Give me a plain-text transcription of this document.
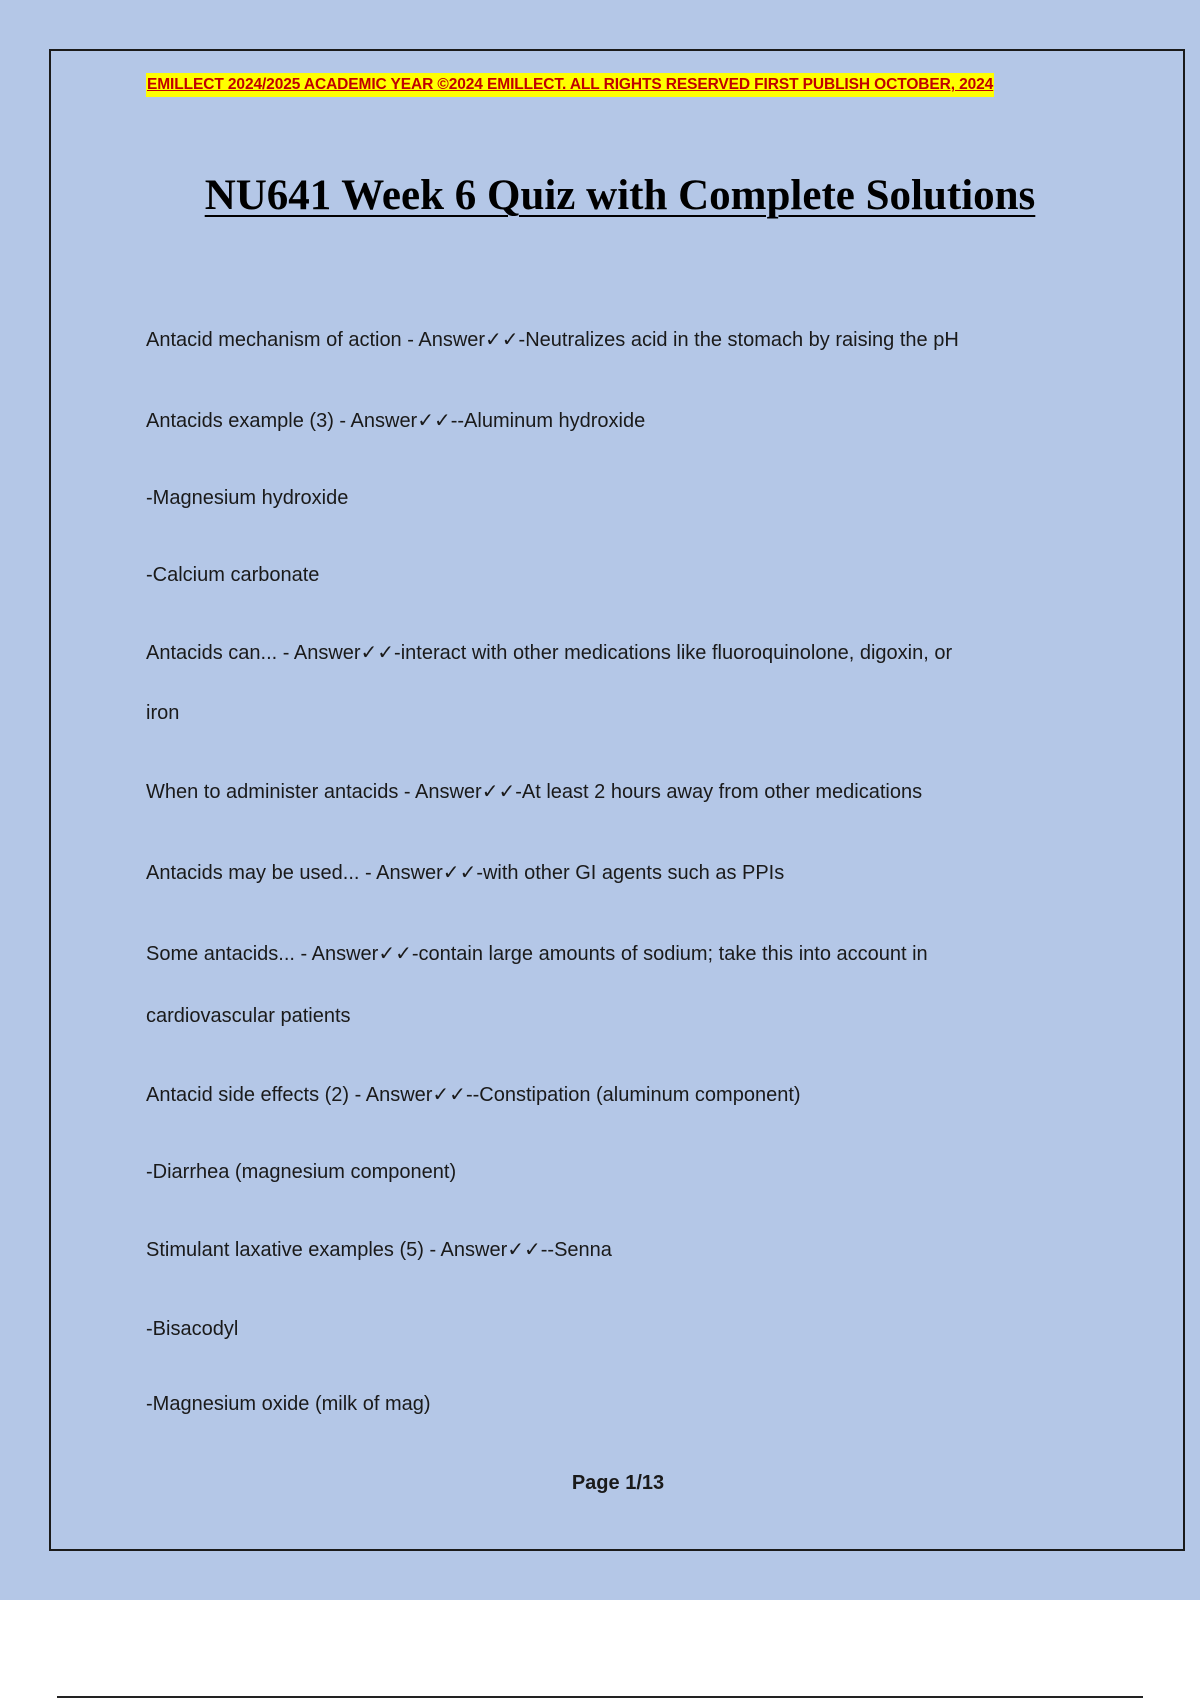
EMILLECT 2024/2025 ACADEMIC YEAR ©2024 EMILLECT. ALL RIGHTS RESERVED FIRST PUBLISH OCTOBER, 2024
NU641 Week 6 Quiz with Complete Solutions
Antacid mechanism of action - Answer✓✓-Neutralizes acid in the stomach by raising the pH
Antacids example (3) - Answer✓✓--Aluminum hydroxide
-Magnesium hydroxide
-Calcium carbonate
Antacids can... - Answer✓✓-interact with other medications like fluoroquinolone, digoxin, or
iron
When to administer antacids - Answer✓✓-At least 2 hours away from other medications
Antacids may be used... - Answer✓✓-with other GI agents such as PPIs
Some antacids... - Answer✓✓-contain large amounts of sodium; take this into account in
cardiovascular patients
Antacid side effects (2) - Answer✓✓--Constipation (aluminum component)
-Diarrhea (magnesium component)
Stimulant laxative examples (5) - Answer✓✓--Senna
-Bisacodyl
-Magnesium oxide (milk of mag)
Page 1/13
